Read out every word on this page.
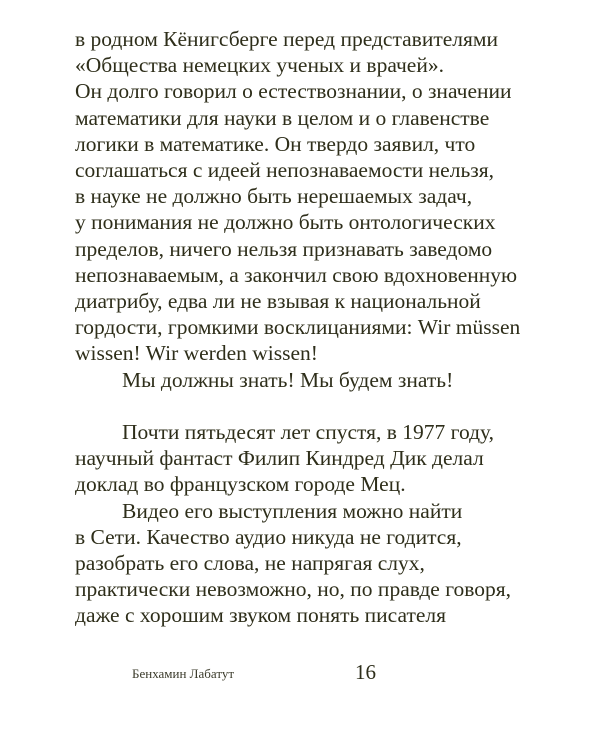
в родном Кёнигсберге перед представителями
«Общества немецких ученых и врачей».
Он долго говорил о естествознании, о значении
математики для науки в целом и о главенстве
логики в математике. Он твердо заявил, что
соглашаться с идеей непознаваемости нельзя,
в науке не должно быть нерешаемых задач,
у понимания не должно быть онтологических
пределов, ничего нельзя признавать заведомо
непознаваемым, а закончил свою вдохновенную
диатрибу, едва ли не взывая к национальной
гордости, громкими восклицаниями: Wir müssen
wissen! Wir werden wissen!
Мы должны знать! Мы будем знать!
Почти пятьдесят лет спустя, в 1977 году,
научный фантаст Филип Киндред Дик делал
доклад во французском городе Мец.
Видео его выступления можно найти
в Сети. Качество аудио никуда не годится,
разобрать его слова, не напрягая слух,
практически невозможно, но, по правде говоря,
даже с хорошим звуком понять писателя
Бенхамин Лабатут	16
